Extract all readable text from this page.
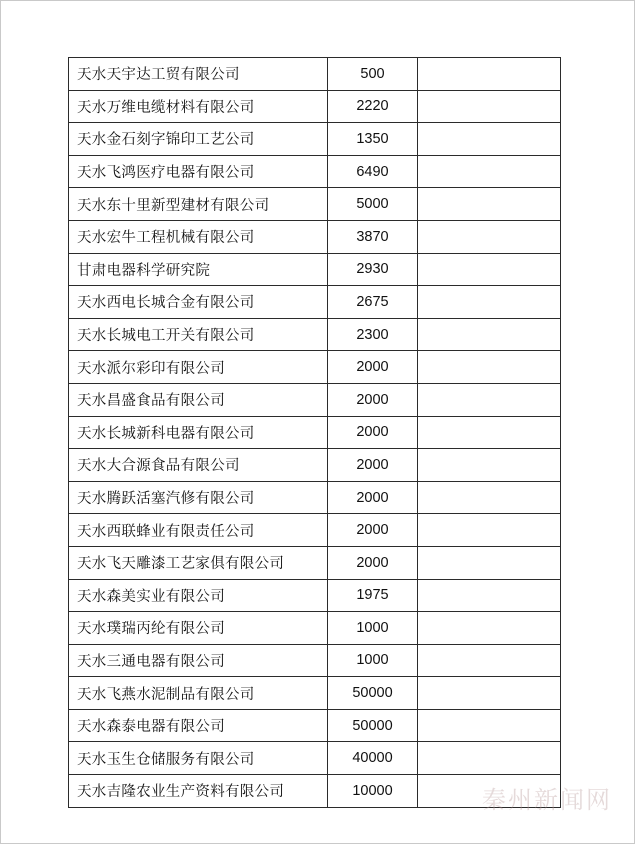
天水天宇达工贸有限公司	500	
天水万维电缆材料有限公司	2220	
天水金石刻字锦印工艺公司	1350	
天水飞鸿医疗电器有限公司	6490	
天水东十里新型建材有限公司	5000	
天水宏牛工程机械有限公司	3870	
甘肃电器科学研究院	2930	
天水西电长城合金有限公司	2675	
天水长城电工开关有限公司	2300	
天水派尔彩印有限公司	2000	
天水昌盛食品有限公司	2000	
天水长城新科电器有限公司	2000	
天水大合源食品有限公司	2000	
天水腾跃活塞汽修有限公司	2000	
天水西联蜂业有限责任公司	2000	
天水飞天雕漆工艺家俱有限公司	2000	
天水森美实业有限公司	1975	
天水璞瑞丙纶有限公司	1000	
天水三通电器有限公司	1000	
天水飞燕水泥制品有限公司	50000	
天水森泰电器有限公司	50000	
天水玉生仓储服务有限公司	40000	
天水吉隆农业生产资料有限公司	10000		秦州新闻网
